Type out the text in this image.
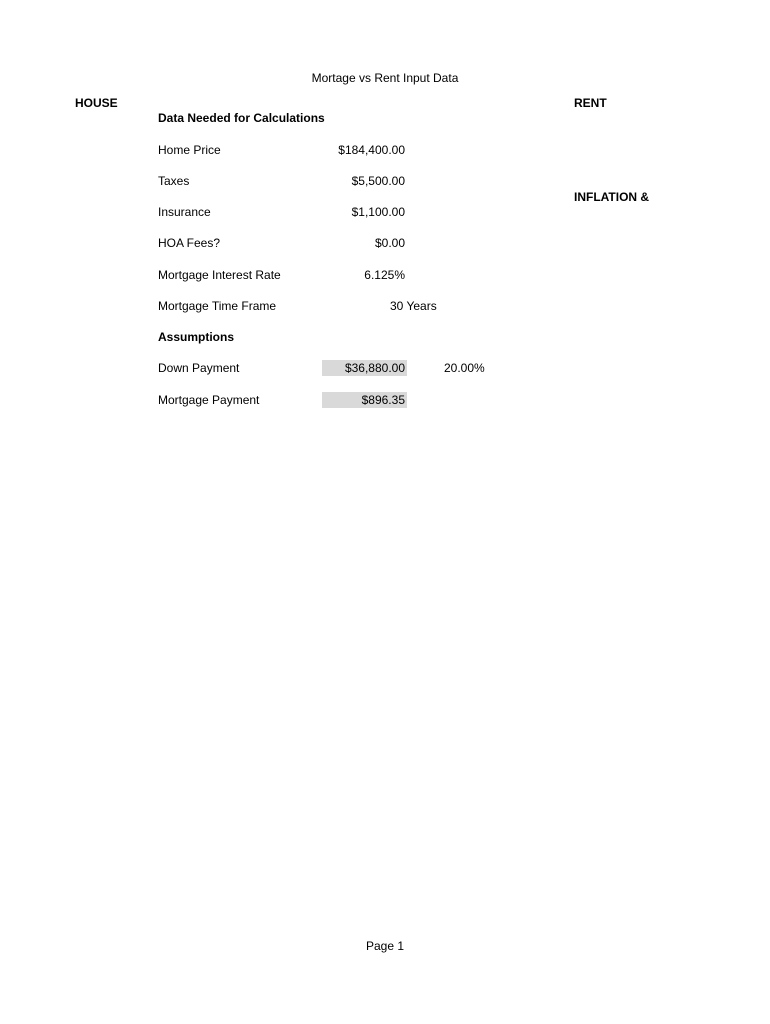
Mortage vs Rent Input Data
HOUSE	RENT
INFLATION &
Data Needed for Calculations
Home Price	$184,400.00
Taxes	$5,500.00
Insurance	$1,100.00
HOA Fees?	$0.00
Mortgage Interest Rate	6.125%
Mortgage Time Frame	30 Years
Assumptions
Down Payment	$36,880.00	20.00%
Mortgage Payment	$896.35
Page 1
